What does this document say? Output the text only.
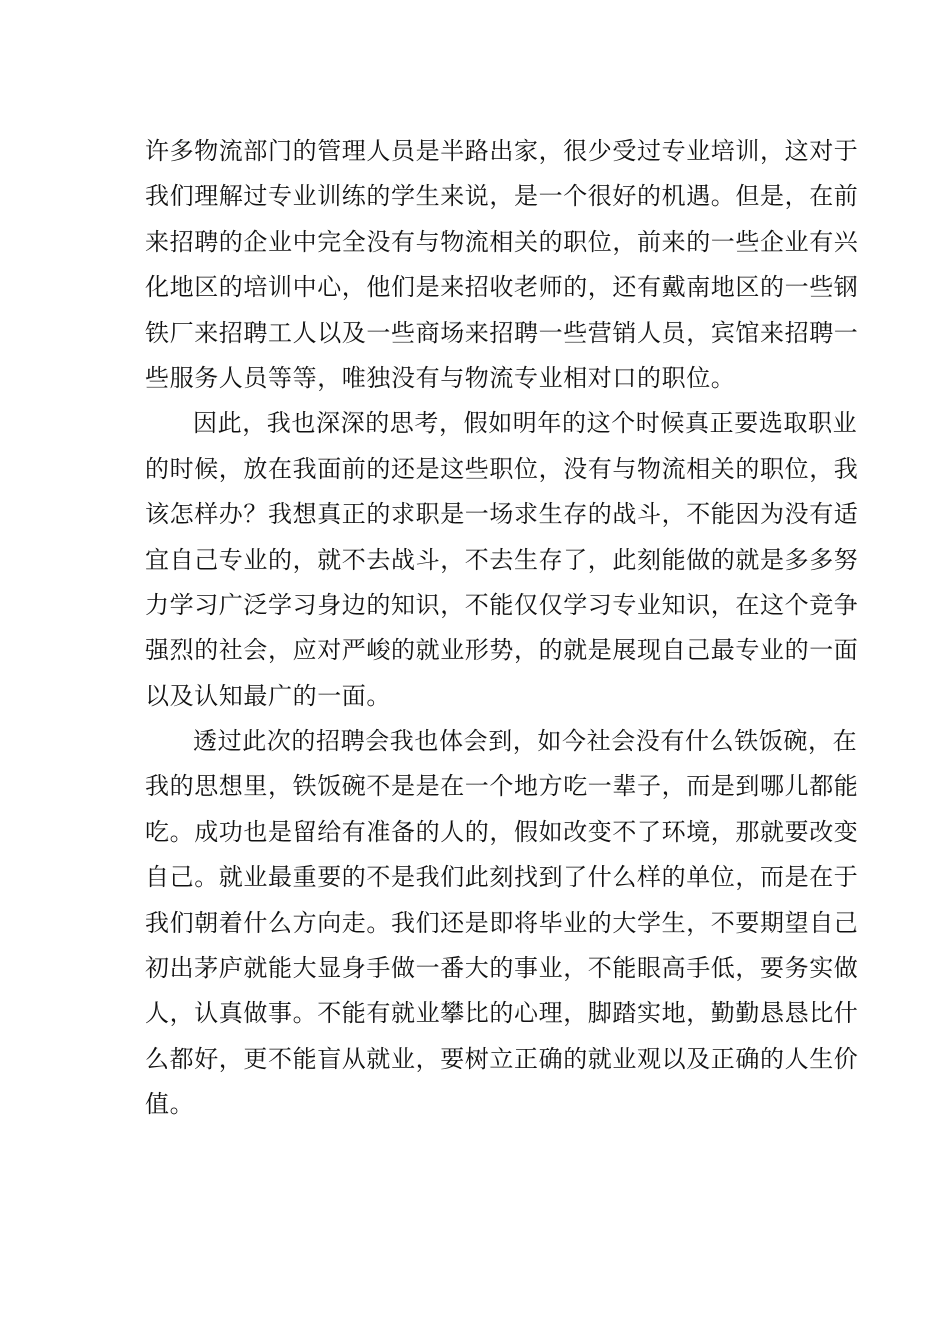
许多物流部门的管理人员是半路出家，很少受过专业培训，这对于
我们理解过专业训练的学生来说，是一个很好的机遇。但是，在前
来招聘的企业中完全没有与物流相关的职位，前来的一些企业有兴
化地区的培训中心，他们是来招收老师的，还有戴南地区的一些钢
铁厂来招聘工人以及一些商场来招聘一些营销人员，宾馆来招聘一
些服务人员等等，唯独没有与物流专业相对口的职位。
因此，我也深深的思考，假如明年的这个时候真正要选取职业
的时候，放在我面前的还是这些职位，没有与物流相关的职位，我
该怎样办？我想真正的求职是一场求生存的战斗，不能因为没有适
宜自己专业的，就不去战斗，不去生存了，此刻能做的就是多多努
力学习广泛学习身边的知识，不能仅仅学习专业知识，在这个竞争
强烈的社会，应对严峻的就业形势，的就是展现自己最专业的一面
以及认知最广的一面。
透过此次的招聘会我也体会到，如今社会没有什么铁饭碗，在
我的思想里，铁饭碗不是是在一个地方吃一辈子，而是到哪儿都能
吃。成功也是留给有准备的人的，假如改变不了环境，那就要改变
自己。就业最重要的不是我们此刻找到了什么样的单位，而是在于
我们朝着什么方向走。我们还是即将毕业的大学生，不要期望自己
初出茅庐就能大显身手做一番大的事业，不能眼高手低，要务实做
人，认真做事。不能有就业攀比的心理，脚踏实地，勤勤恳恳比什
么都好，更不能盲从就业，要树立正确的就业观以及正确的人生价
值。
